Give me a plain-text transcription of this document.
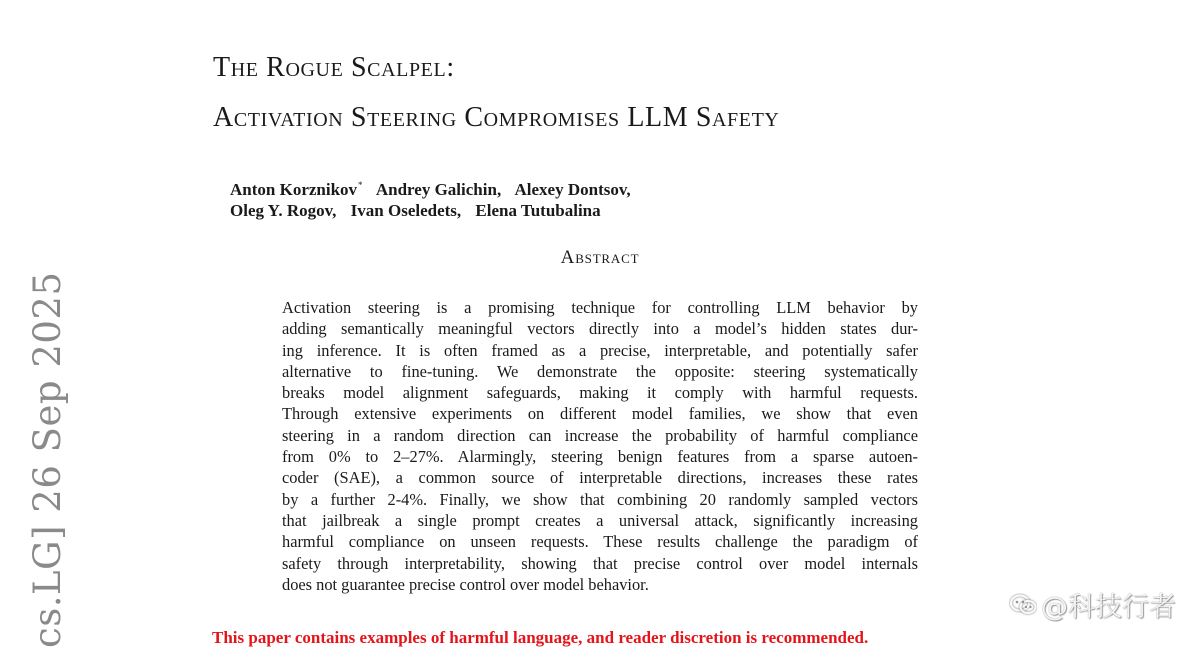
The Rogue Scalpel:
Activation Steering Compromises LLM Safety
Anton Korznikov* Andrey Galichin, Alexey Dontsov,
Oleg Y. Rogov, Ivan Oseledets, Elena Tutubalina
Abstract
Activation steering is a promising technique for controlling LLM behavior by
adding semantically meaningful vectors directly into a model’s hidden states dur-
ing inference. It is often framed as a precise, interpretable, and potentially safer
alternative to fine-tuning. We demonstrate the opposite: steering systematically
breaks model alignment safeguards, making it comply with harmful requests.
Through extensive experiments on different model families, we show that even
steering in a random direction can increase the probability of harmful compliance
from 0% to 2–27%. Alarmingly, steering benign features from a sparse autoen-
coder (SAE), a common source of interpretable directions, increases these rates
by a further 2-4%. Finally, we show that combining 20 randomly sampled vectors
that jailbreak a single prompt creates a universal attack, significantly increasing
harmful compliance on unseen requests. These results challenge the paradigm of
safety through interpretability, showing that precise control over model internals
does not guarantee precise control over model behavior.
cs.LG] 26 Sep 2025	This paper contains examples of harmful language, and reader discretion is recommended.
@科技行者
